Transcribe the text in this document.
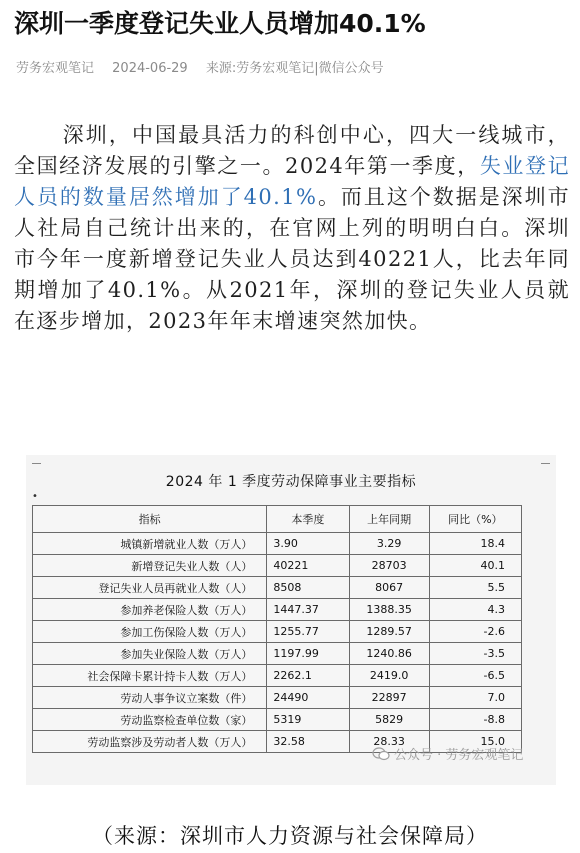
深圳一季度登记失业人员增加40.1%
劳务宏观笔记 2024-06-29 来源:劳务宏观笔记|微信公众号
深圳，中国最具活力的科创中心，四大一线城市，全国经济发展的引擎之一。2024年第一季度，失业登记人员的数量居然增加了40.1%。而且这个数据是深圳市人社局自己统计出来的，在官网上列的明明白白。深圳市今年一度新增登记失业人员达到40221人，比去年同期增加了40.1%。从2021年，深圳的登记失业人员就在逐步增加，2023年年末增速突然加快。
2024 年 1 季度劳动保障事业主要指标
•
指标	本季度	上年同期	同比（%）
城镇新增就业人数（万人）	3.90	3.29	18.4
新增登记失业人数（人）	40221	28703	40.1
登记失业人员再就业人数（人）	8508	8067	5.5
参加养老保险人数（万人）	1447.37	1388.35	4.3
参加工伤保险人数（万人）	1255.77	1289.57	-2.6
参加失业保险人数（万人）	1197.99	1240.86	-3.5
社会保障卡累计持卡人数（万人）	2262.1	2419.0	-6.5
劳动人事争议立案数（件）	24490	22897	7.0
劳动监察检查单位数（家）	5319	5829	-8.8
劳动监察涉及劳动者人数（万人）	32.58	28.33	15.0
公众号 · 劳务宏观笔记
（来源：深圳市人力资源与社会保障局）
